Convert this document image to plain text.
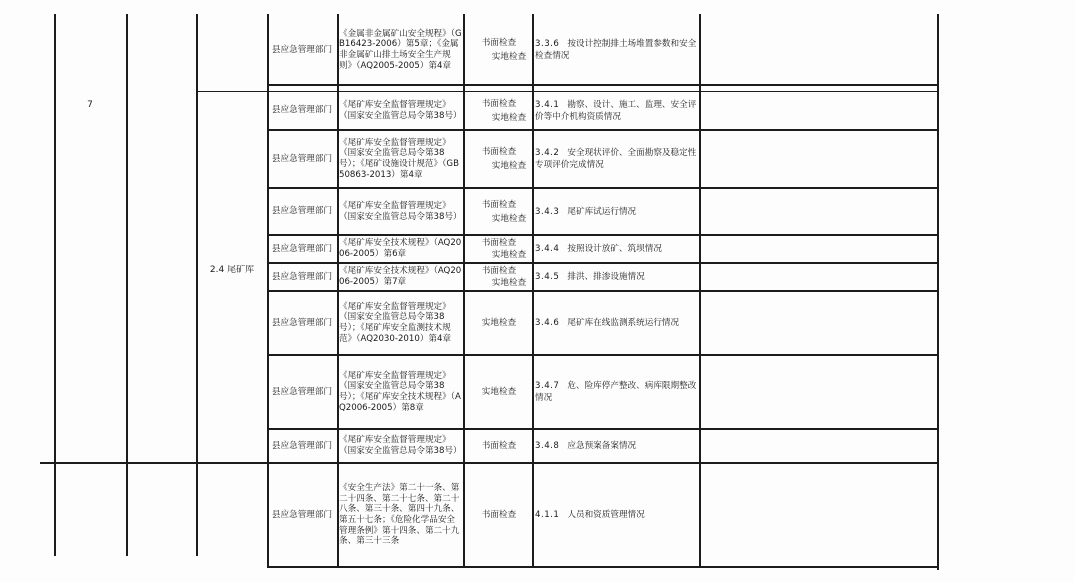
7
2.4 尾矿库
县应急管理部门
《金属非金属矿山安全规程》（GB16423-2006）第5章；《金属非金属矿山排土场安全生产规则》（AQ2005-2005）第4章
书面检查
实地检查
3.3.6 按设计控制排土场堆置参数和安全检查情况
县应急管理部门
《尾矿库安全监督管理规定》（国家安全监管总局令第38号）
书面检查
实地检查
3.4.1 勘察、设计、施工、监理、安全评价等中介机构资质情况
县应急管理部门
《尾矿库安全监督管理规定》（国家安全监管总局令第38号）；《尾矿设施设计规范》（GB50863-2013）第4章
书面检查
实地检查
3.4.2 安全现状评价、全面勘察及稳定性专项评价完成情况
县应急管理部门
《尾矿库安全监督管理规定》（国家安全监管总局令第38号）
书面检查
实地检查
3.4.3 尾矿库试运行情况
县应急管理部门
《尾矿库安全技术规程》（AQ2006-2005）第6章
书面检查
实地检查
3.4.4 按照设计放矿、筑坝情况
县应急管理部门
《尾矿库安全技术规程》（AQ2006-2005）第7章
书面检查
实地检查
3.4.5 排洪、排渗设施情况
县应急管理部门
《尾矿库安全监督管理规定》（国家安全监管总局令第38号）；《尾矿库安全监测技术规范》（AQ2030-2010）第4章
实地检查 3.4.6 尾矿库在线监测系统运行情况
县应急管理部门
《尾矿库安全监督管理规定》（国家安全监管总局令第38号）；《尾矿库安全技术规程》（AQ2006-2005）第8章
实地检查
3.4.7 危、险库停产整改、病库限期整改情况
县应急管理部门
《尾矿库安全监督管理规定》（国家安全监管总局令第38号） 书面检查 3.4.8 应急预案备案情况
县应急管理部门
《安全生产法》第二十一条、第二十四条、第二十七条、第二十八条、第三十条、第四十九条、第五十七条；《危险化学品安全管理条例》第十四条、第二十九条、第三十三条
书面检查 4.1.1 人员和资质管理情况
